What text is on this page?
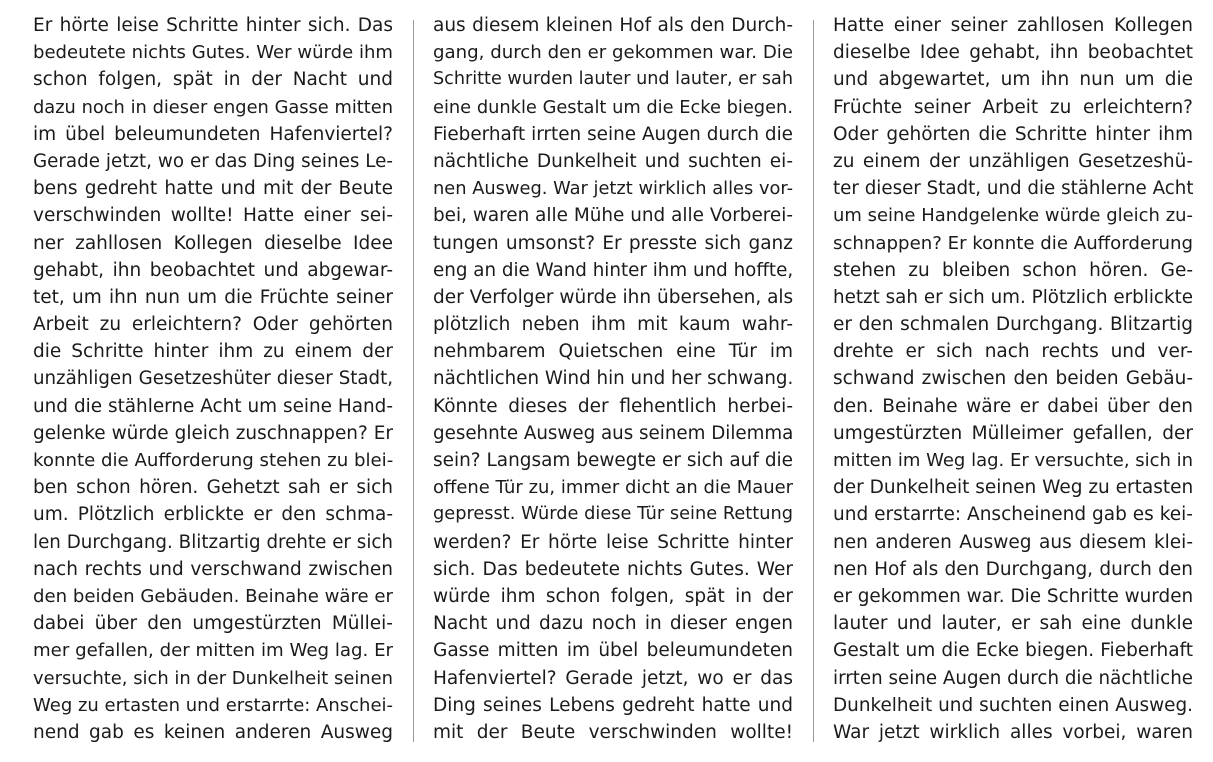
Er hörte leise Schritte hinter sich. Das
bedeutete nichts Gutes. Wer würde ihm
schon folgen, spät in der Nacht und
dazu noch in dieser engen Gasse mitten
im übel beleumundeten Hafenviertel?
Gerade jetzt, wo er das Ding seines Le-
bens gedreht hatte und mit der Beute
verschwinden wollte! Hatte einer sei-
ner zahllosen Kollegen dieselbe Idee
gehabt, ihn beobachtet und abgewar-
tet, um ihn nun um die Früchte seiner
Arbeit zu erleichtern? Oder gehörten
die Schritte hinter ihm zu einem der
unzähligen Gesetzeshüter dieser Stadt,
und die stählerne Acht um seine Hand-
gelenke würde gleich zuschnappen? Er
konnte die Aufforderung stehen zu blei-
ben schon hören. Gehetzt sah er sich
um. Plötzlich erblickte er den schma-
len Durchgang. Blitzartig drehte er sich
nach rechts und verschwand zwischen
den beiden Gebäuden. Beinahe wäre er
dabei über den umgestürzten Müllei-
mer gefallen, der mitten im Weg lag. Er
versuchte, sich in der Dunkelheit seinen
Weg zu ertasten und erstarrte: Anschei-
nend gab es keinen anderen Ausweg
aus diesem kleinen Hof als den Durch-
gang, durch den er gekommen war. Die
Schritte wurden lauter und lauter, er sah
eine dunkle Gestalt um die Ecke biegen.
Fieberhaft irrten seine Augen durch die
nächtliche Dunkelheit und suchten ei-
nen Ausweg. War jetzt wirklich alles vor-
bei, waren alle Mühe und alle Vorberei-
tungen umsonst? Er presste sich ganz
eng an die Wand hinter ihm und hoffte,
der Verfolger würde ihn übersehen, als
plötzlich neben ihm mit kaum wahr-
nehmbarem Quietschen eine Tür im
nächtlichen Wind hin und her schwang.
Könnte dieses der flehentlich herbei-
gesehnte Ausweg aus seinem Dilemma
sein? Langsam bewegte er sich auf die
offene Tür zu, immer dicht an die Mauer
gepresst. Würde diese Tür seine Rettung
werden? Er hörte leise Schritte hinter
sich. Das bedeutete nichts Gutes. Wer
würde ihm schon folgen, spät in der
Nacht und dazu noch in dieser engen
Gasse mitten im übel beleumundeten
Hafenviertel? Gerade jetzt, wo er das
Ding seines Lebens gedreht hatte und
mit der Beute verschwinden wollte!
Hatte einer seiner zahllosen Kollegen
dieselbe Idee gehabt, ihn beobachtet
und abgewartet, um ihn nun um die
Früchte seiner Arbeit zu erleichtern?
Oder gehörten die Schritte hinter ihm
zu einem der unzähligen Gesetzeshü-
ter dieser Stadt, und die stählerne Acht
um seine Handgelenke würde gleich zu-
schnappen? Er konnte die Aufforderung
stehen zu bleiben schon hören. Ge-
hetzt sah er sich um. Plötzlich erblickte
er den schmalen Durchgang. Blitzartig
drehte er sich nach rechts und ver-
schwand zwischen den beiden Gebäu-
den. Beinahe wäre er dabei über den
umgestürzten Mülleimer gefallen, der
mitten im Weg lag. Er versuchte, sich in
der Dunkelheit seinen Weg zu ertasten
und erstarrte: Anscheinend gab es kei-
nen anderen Ausweg aus diesem klei-
nen Hof als den Durchgang, durch den
er gekommen war. Die Schritte wurden
lauter und lauter, er sah eine dunkle
Gestalt um die Ecke biegen. Fieberhaft
irrten seine Augen durch die nächtliche
Dunkelheit und suchten einen Ausweg.
War jetzt wirklich alles vorbei, waren
